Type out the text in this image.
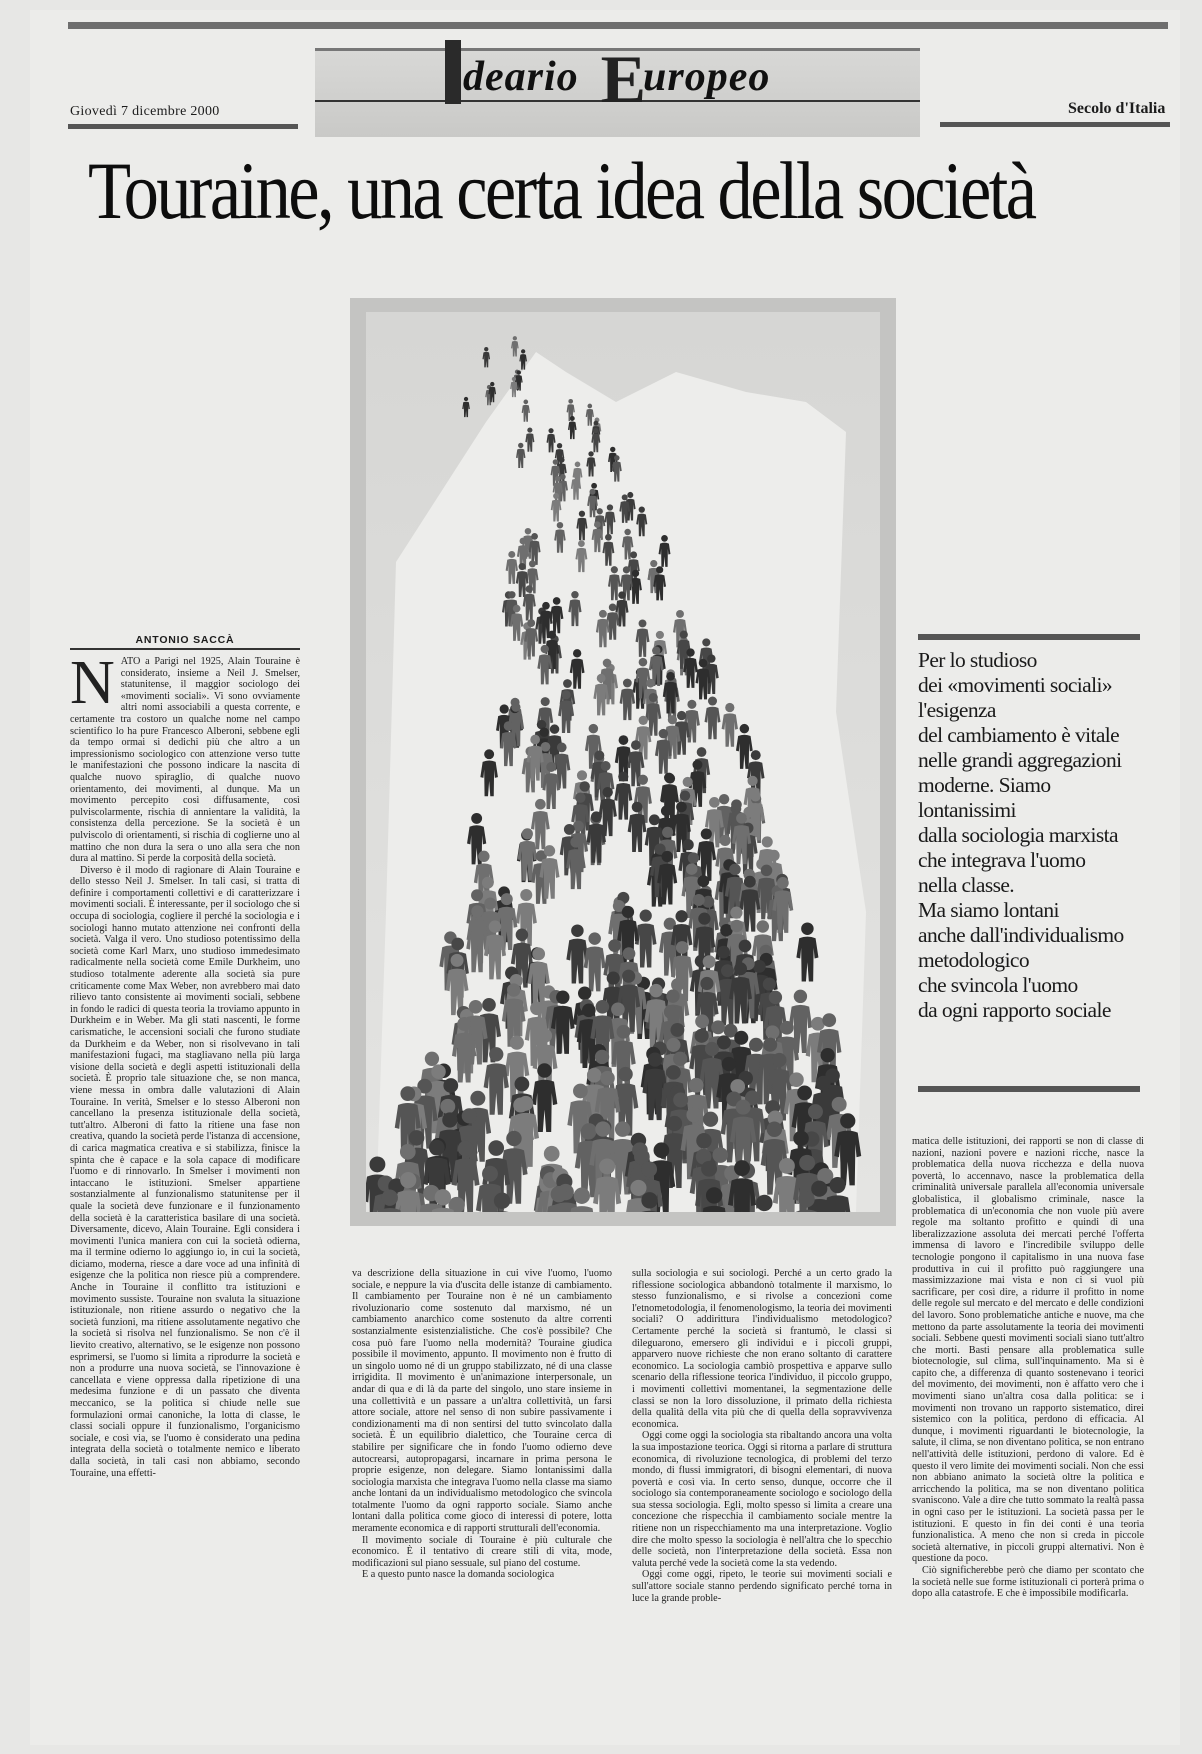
deario Europeo
Giovedì 7 dicembre 2000	Secolo d'Italia
Touraine, una certa idea della società
ANTONIO SACCÀ
N ATO a Parigi nel 1925, Alain Touraine è considerato, insieme a Neil J. Smelser, statunitense, il maggior sociologo dei «movimenti sociali». Vi sono ovviamente altri nomi associabili a questa corrente, e certamente tra costoro un qualche nome nel campo scientifico lo ha pure Francesco Alberoni, sebbene egli da tempo ormai si dedichi più che altro a un impressionismo sociologico con attenzione verso tutte le manifestazioni che possono indicare la nascita di qualche nuovo spiraglio, di qualche nuovo orientamento, dei movimenti, al dunque. Ma un movimento percepito così diffusamente, così pulviscolarmente, rischia di annientare la validità, la consistenza della percezione. Se la società è un pulviscolo di orientamenti, si rischia di coglierne uno al mattino che non dura la sera o uno alla sera che non dura al mattino. Si perde la corposità della società.

Diverso è il modo di ragionare di Alain Touraine e dello stesso Neil J. Smelser. In tali casi, si tratta di definire i comportamenti collettivi e di caratterizzare i movimenti sociali. È interessante, per il sociologo che si occupa di sociologia, cogliere il perché la sociologia e i sociologi hanno mutato attenzione nei confronti della società. Valga il vero. Uno studioso potentissimo della società come Karl Marx, uno studioso immedesimato radicalmente nella società come Emile Durkheim, uno studioso totalmente aderente alla società sia pure criticamente come Max Weber, non avrebbero mai dato rilievo tanto consistente ai movimenti sociali, sebbene in fondo le radici di questa teoria la troviamo appunto in Durkheim e in Weber. Ma gli stati nascenti, le forme carismatiche, le accensioni sociali che furono studiate da Durkheim e da Weber, non si risolvevano in tali manifestazioni fugaci, ma stagliavano nella più larga visione della società e degli aspetti istituzionali della società. È proprio tale situazione che, se non manca, viene messa in ombra dalle valutazioni di Alain Touraine. In verità, Smelser e lo stesso Alberoni non cancellano la presenza istituzionale della società, tutt'altro. Alberoni di fatto la ritiene una fase non creativa, quando la società perde l'istanza di accensione, di carica magmatica creativa e si stabilizza, finisce la spinta che è capace e la sola capace di modificare l'uomo e di rinnovarlo. In Smelser i movimenti non intaccano le istituzioni. Smelser appartiene sostanzialmente al funzionalismo statunitense per il quale la società deve funzionare e il funzionamento della società è la caratteristica basilare di una società. Diversamente, dicevo, Alain Touraine. Egli considera i movimenti l'unica maniera con cui la società odierna, ma il termine odierno lo aggiungo io, in cui la società, diciamo, moderna, riesce a dare voce ad una infinità di esigenze che la politica non riesce più a comprendere. Anche in Touraine il conflitto tra istituzioni e movimento sussiste. Touraine non svaluta la situazione istituzionale, non ritiene assurdo o negativo che la società funzioni, ma ritiene assolutamente negativo che la società si risolva nel funzionalismo. Se non c'è il lievito creativo, alternativo, se le esigenze non possono esprimersi, se l'uomo si limita a riprodurre la società e non a produrre una nuova società, se l'innovazione è cancellata e viene oppressa dalla ripetizione di una medesima funzione e di un passato che diventa meccanico, se la politica si chiude nelle sue formulazioni ormai canoniche, la lotta di classe, le classi sociali oppure il funzionalismo, l'organicismo sociale, e così via, se l'uomo è considerato una pedina integrata della società o totalmente nemico e liberato dalla società, in tali casi non abbiamo, secondo Touraine, una effetti-

va descrizione della situazione in cui vive l'uomo, l'uomo sociale, e neppure la via d'uscita delle istanze di cambiamento. Il cambiamento per Touraine non è né un cambiamento rivoluzionario come sostenuto dal marxismo, né un cambiamento anarchico come sostenuto da altre correnti sostanzialmente esistenzialistiche. Che cos'è possibile? Che cosa può fare l'uomo nella modernità? Touraine giudica possibile il movimento, appunto. Il movimento non è frutto di un singolo uomo né di un gruppo stabilizzato, né di una classe irrigidita. Il movimento è un'animazione interpersonale, un andar di qua e di là da parte del singolo, uno stare insieme in una collettività e un passare a un'altra collettività, un farsi attore sociale, attore nel senso di non subire passivamente i condizionamenti ma di non sentirsi del tutto svincolato dalla società. È un equilibrio dialettico, che Touraine cerca di stabilire per significare che in fondo l'uomo odierno deve autocrearsi, autopropagarsi, incarnare in prima persona le proprie esigenze, non delegare. Siamo lontanissimi dalla sociologia marxista che integrava l'uomo nella classe ma siamo anche lontani da un individualismo metodologico che svincola totalmente l'uomo da ogni rapporto sociale. Siamo anche lontani dalla politica come gioco di interessi di potere, lotta meramente economica e di rapporti strutturali dell'economia.

Il movimento sociale di Touraine è più culturale che economico. È il tentativo di creare stili di vita, mode, modificazioni sul piano sessuale, sul piano del costume.

E a questo punto nasce la domanda sociologica

sulla sociologia e sui sociologi. Perché a un certo grado la riflessione sociologica abbandonò totalmente il marxismo, lo stesso funzionalismo, e si rivolse a concezioni come l'etnometodologia, il fenomenologismo, la teoria dei movimenti sociali? O addirittura l'individualismo metodologico? Certamente perché la società si frantumò, le classi si dileguarono, emersero gli individui e i piccoli gruppi, apparvero nuove richieste che non erano soltanto di carattere economico. La sociologia cambiò prospettiva e apparve sullo scenario della riflessione teorica l'individuo, il piccolo gruppo, i movimenti collettivi momentanei, la segmentazione delle classi se non la loro dissoluzione, il primato della richiesta della qualità della vita più che di quella della sopravvivenza economica.

Oggi come oggi la sociologia sta ribaltando ancora una volta la sua impostazione teorica. Oggi si ritorna a parlare di struttura economica, di rivoluzione tecnologica, di problemi del terzo mondo, di flussi immigratori, di bisogni elementari, di nuova povertà e così via. In certo senso, dunque, occorre che il sociologo sia contemporaneamente sociologo e sociologo della sua stessa sociologia. Egli, molto spesso si limita a creare una concezione che rispecchia il cambiamento sociale mentre la ritiene non un rispecchiamento ma una interpretazione. Voglio dire che molto spesso la sociologia è nell'altra che lo specchio delle società, non l'interpretazione della società. Essa non valuta perché vede la società come la sta vedendo.

Oggi come oggi, ripeto, le teorie sui movimenti sociali e sull'attore sociale stanno perdendo significato perché torna in luce la grande proble-

matica delle istituzioni, dei rapporti se non di classe di nazioni, nazioni povere e nazioni ricche, nasce la problematica della nuova ricchezza e della nuova povertà, lo accennavo, nasce la problematica della criminalità universale parallela all'economia universale globalistica, il globalismo criminale, nasce la problematica di un'economia che non vuole più avere regole ma soltanto profitto e quindi di una liberalizzazione assoluta dei mercati perché l'offerta immensa di lavoro e l'incredibile sviluppo delle tecnologie pongono il capitalismo in una nuova fase produttiva in cui il profitto può raggiungere una massimizzazione mai vista e non ci si vuol più sacrificare, per così dire, a ridurre il profitto in nome delle regole sul mercato e del mercato e delle condizioni del lavoro. Sono problematiche antiche e nuove, ma che mettono da parte assolutamente la teoria dei movimenti sociali. Sebbene questi movimenti sociali siano tutt'altro che morti. Basti pensare alla problematica sulle biotecnologie, sul clima, sull'inquinamento. Ma si è capito che, a differenza di quanto sostenevano i teorici del movimento, dei movimenti, non è affatto vero che i movimenti siano un'altra cosa dalla politica: se i movimenti non trovano un rapporto sistematico, direi sistemico con la politica, perdono di efficacia. Al dunque, i movimenti riguardanti le biotecnologie, la salute, il clima, se non diventano politica, se non entrano nell'attività delle istituzioni, perdono di valore. Ed è questo il vero limite dei movimenti sociali. Non che essi non abbiano animato la società oltre la politica e arricchendo la politica, ma se non diventano politica svaniscono. Vale a dire che tutto sommato la realtà passa in ogni caso per le istituzioni. La società passa per le istituzioni. E questo in fin dei conti è una teoria funzionalistica. A meno che non si creda in piccole società alternative, in piccoli gruppi alternativi. Non è questione da poco.

Ciò significherebbe però che diamo per scontato che la società nelle sue forme istituzionali ci porterà prima o dopo alla catastrofe. E che è impossibile modificarla.

Per lo studioso
dei «movimenti sociali»
l'esigenza
del cambiamento è vitale
nelle grandi aggregazioni
moderne. Siamo
lontanissimi
dalla sociologia marxista
che integrava l'uomo
nella classe.
Ma siamo lontani
anche dall'individualismo
metodologico
che svincola l'uomo
da ogni rapporto sociale
